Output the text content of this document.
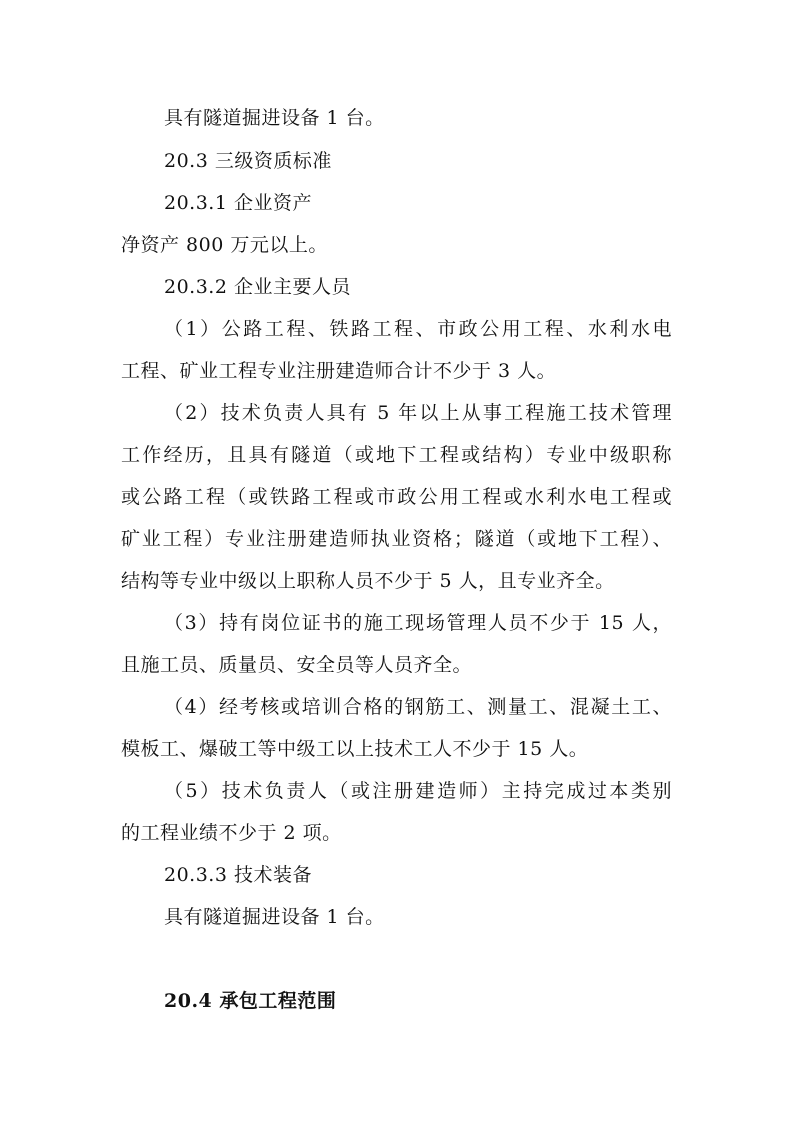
具有隧道掘进设备 1 台。
20.3 三级资质标准
20.3.1 企业资产
净资产 800 万元以上。
20.3.2 企业主要人员
（1）公路工程、铁路工程、市政公用工程、水利水电
工程、矿业工程专业注册建造师合计不少于 3 人。
（2）技术负责人具有 5 年以上从事工程施工技术管理
工作经历，且具有隧道（或地下工程或结构）专业中级职称
或公路工程（或铁路工程或市政公用工程或水利水电工程或
矿业工程）专业注册建造师执业资格；隧道（或地下工程）、
结构等专业中级以上职称人员不少于 5 人，且专业齐全。
（3）持有岗位证书的施工现场管理人员不少于 15 人，
且施工员、质量员、安全员等人员齐全。
（4）经考核或培训合格的钢筋工、测量工、混凝土工、
模板工、爆破工等中级工以上技术工人不少于 15 人。
（5）技术负责人（或注册建造师）主持完成过本类别
的工程业绩不少于 2 项。
20.3.3 技术装备
具有隧道掘进设备 1 台。
20.4 承包工程范围
